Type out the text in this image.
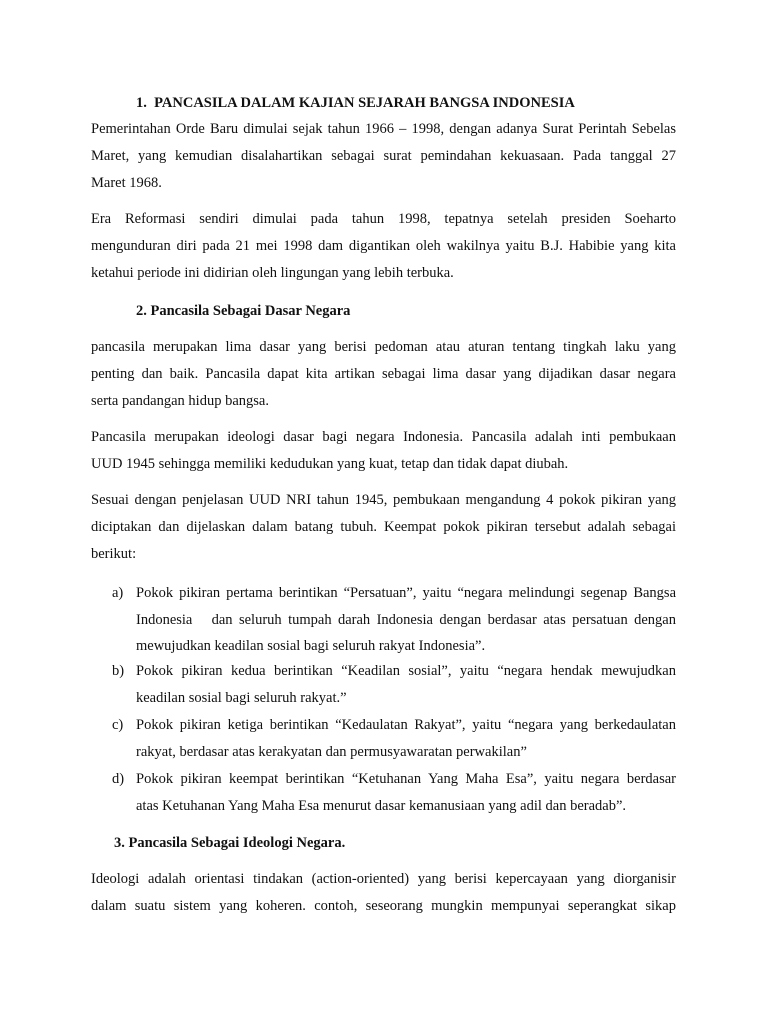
1. PANCASILA DALAM KAJIAN SEJARAH BANGSA INDONESIA
Pemerintahan Orde Baru dimulai sejak tahun 1966 – 1998, dengan adanya Surat Perintah Sebelas
Maret, yang kemudian disalahartikan sebagai surat pemindahan kekuasaan. Pada tanggal 27
Maret 1968.
Era Reformasi sendiri dimulai pada tahun 1998, tepatnya setelah presiden Soeharto
mengunduran diri pada 21 mei 1998 dam digantikan oleh wakilnya yaitu B.J. Habibie yang kita
ketahui periode ini didirian oleh lingungan yang lebih terbuka.
2. Pancasila Sebagai Dasar Negara
pancasila merupakan lima dasar yang berisi pedoman atau aturan tentang tingkah laku yang
penting dan baik. Pancasila dapat kita artikan sebagai lima dasar yang dijadikan dasar negara
serta pandangan hidup bangsa.
Pancasila merupakan ideologi dasar bagi negara Indonesia. Pancasila adalah inti pembukaan
UUD 1945 sehingga memiliki kedudukan yang kuat, tetap dan tidak dapat diubah.
Sesuai dengan penjelasan UUD NRI tahun 1945, pembukaan mengandung 4 pokok pikiran yang
diciptakan dan dijelaskan dalam batang tubuh. Keempat pokok pikiran tersebut adalah sebagai
berikut:
a) Pokok pikiran pertama berintikan “Persatuan”, yaitu “negara melindungi segenap Bangsa
Indonesia   dan seluruh tumpah darah Indonesia dengan berdasar atas persatuan dengan
mewujudkan keadilan sosial bagi seluruh rakyat Indonesia”.
b) Pokok pikiran kedua berintikan “Keadilan sosial”, yaitu “negara hendak mewujudkan
keadilan sosial bagi seluruh rakyat.”
c) Pokok pikiran ketiga berintikan “Kedaulatan Rakyat”, yaitu “negara yang berkedaulatan
rakyat, berdasar atas kerakyatan dan permusyawaratan perwakilan”
d) Pokok pikiran keempat berintikan “Ketuhanan Yang Maha Esa”, yaitu negara berdasar
atas Ketuhanan Yang Maha Esa menurut dasar kemanusiaan yang adil dan beradab”.
3. Pancasila Sebagai Ideologi Negara.
Ideologi adalah orientasi tindakan (action-oriented) yang berisi kepercayaan yang diorganisir
dalam suatu sistem yang koheren. contoh, seseorang mungkin mempunyai seperangkat sikap
